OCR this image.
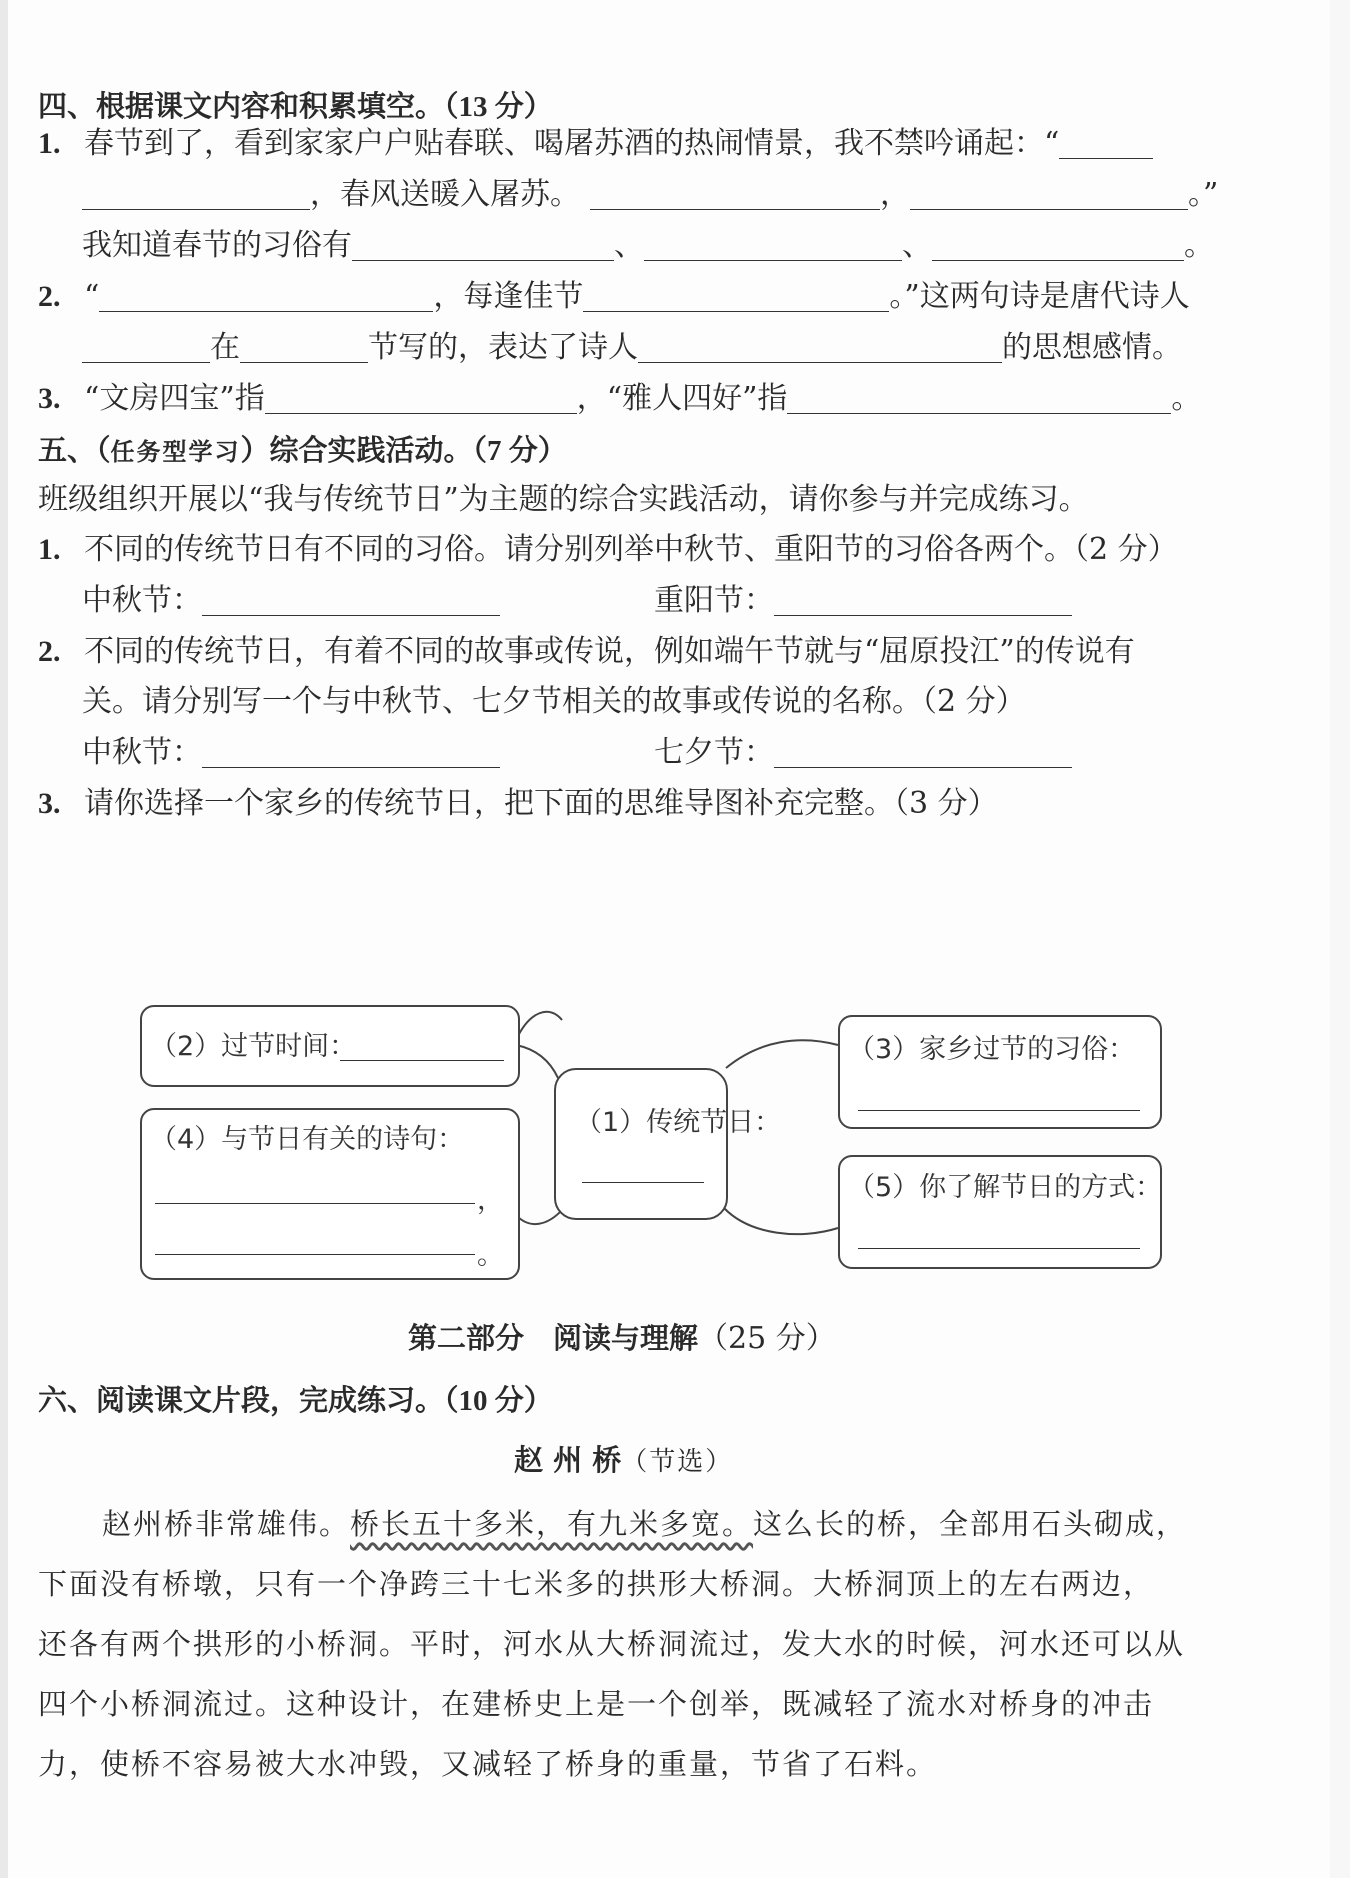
四、根据课文内容和积累填空。（13 分）
1. 春节到了，看到家家户户贴春联、喝屠苏酒的热闹情景，我不禁吟诵起：“
，春风送暖入屠苏。	，	。”
我知道春节的习俗有	、	、	。
2. “	，每逢佳节	。”这两句诗是唐代诗人
在	节写的，表达了诗人	的思想感情。
3. “文房四宝”指	，“雅人四好”指	。
五、（任务型学习）综合实践活动。（7 分）
班级组织开展以“我与传统节日”为主题的综合实践活动，请你参与并完成练习。
1. 不同的传统节日有不同的习俗。请分别列举中秋节、重阳节的习俗各两个。（2 分）
中秋节：	重阳节：
2. 不同的传统节日，有着不同的故事或传说，例如端午节就与“屈原投江”的传说有
关。请分别写一个与中秋节、七夕节相关的故事或传说的名称。（2 分）
中秋节：	七夕节：
3. 请你选择一个家乡的传统节日，把下面的思维导图补充完整。（3 分）
（2）过节时间：
（4）与节日有关的诗句：
，
。
（1）传统节日：
（3）家乡过节的习俗：
（5）你了解节日的方式：
第二部分　阅读与理解（25 分）
六、阅读课文片段，完成练习。（10 分）
赵 州 桥（节选）
赵州桥非常雄伟。桥长五十多米，有九米多宽。这么长的桥，全部用石头砌成，
下面没有桥墩，只有一个净跨三十七米多的拱形大桥洞。大桥洞顶上的左右两边，
还各有两个拱形的小桥洞。平时，河水从大桥洞流过，发大水的时候，河水还可以从
四个小桥洞流过。这种设计，在建桥史上是一个创举，既减轻了流水对桥身的冲击
力，使桥不容易被大水冲毁，又减轻了桥身的重量，节省了石料。
